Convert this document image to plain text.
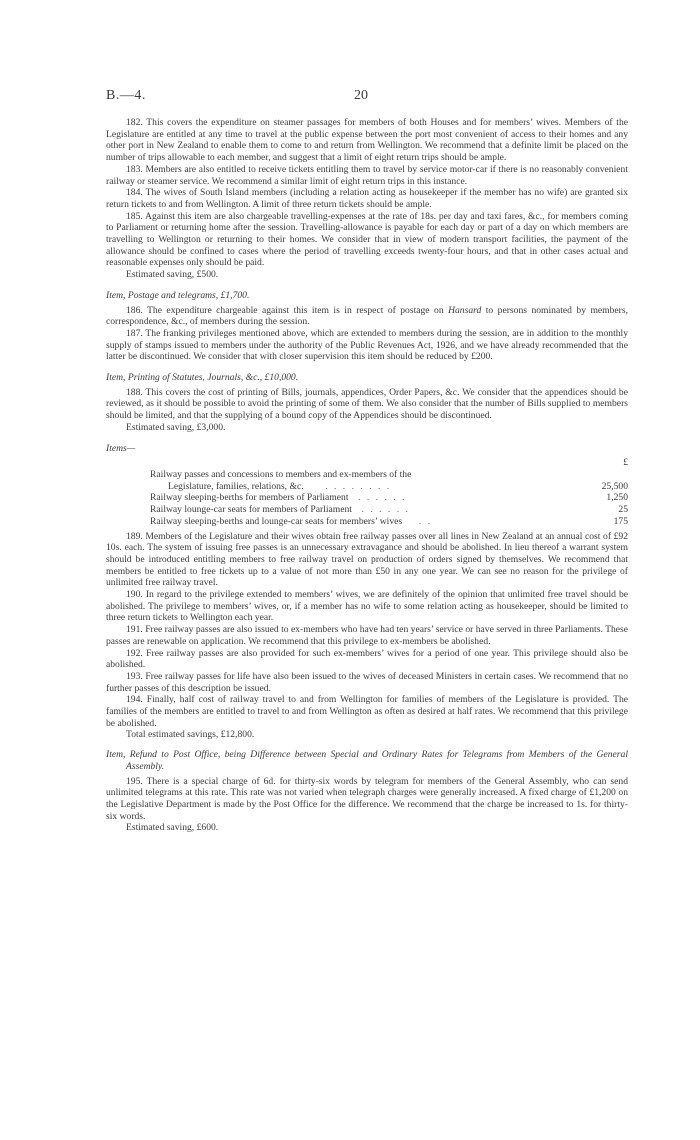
B.—4.	20

182. This covers the expenditure on steamer passages for members of both Houses and for members’ wives. Members of the Legislature are entitled at any time to travel at the public expense between the port most convenient of access to their homes and any other port in New Zealand to enable them to come to and return from Wellington. We recommend that a definite limit be placed on the number of trips allowable to each member, and suggest that a limit of eight return trips should be ample.

183. Members are also entitled to receive tickets entitling them to travel by service motor-car if there is no reasonably convenient railway or steamer service. We recommend a similar limit of eight return trips in this instance.

184. The wives of South Island members (including a relation acting as housekeeper if the member has no wife) are granted six return tickets to and from Wellington. A limit of three return tickets should be ample.

185. Against this item are also chargeable travelling-expenses at the rate of 18s. per day and taxi fares, &c., for members coming to Parliament or returning home after the session. Travelling-allowance is payable for each day or part of a day on which members are travelling to Wellington or returning to their homes. We consider that in view of modern transport facilities, the payment of the allowance should be confined to cases where the period of travelling exceeds twenty-four hours, and that in other cases actual and reasonable expenses only should be paid.

Estimated saving, £500.

Item, Postage and telegrams, £1,700.

186. The expenditure chargeable against this item is in respect of postage on Hansard to persons nominated by members, correspondence, &c., of members during the session.

187. The franking privileges mentioned above, which are extended to members during the session, are in addition to the monthly supply of stamps issued to members under the authority of the Public Revenues Act, 1926, and we have already recommended that the latter be discontinued. We consider that with closer supervision this item should be reduced by £200.

Item, Printing of Statutes, Journals, &c., £10,000.

188. This covers the cost of printing of Bills, journals, appendices, Order Papers, &c. We consider that the appendices should be reviewed, as it should be possible to avoid the printing of some of them. We also consider that the number of Bills supplied to members should be limited, and that the supplying of a bound copy of the Appendices should be discontinued.

Estimated saving, £3,000.

Items—

	£
Railway passes and concessions to members and ex-members of the	
Legislature, families, relations, &c. . . . . . . . .	25,500
Railway sleeping-berths for members of Parliament . . . . . .	1,250
Railway lounge-car seats for members of Parliament . . . . . .	25
Railway sleeping-berths and lounge-car seats for members’ wives . .	175

189. Members of the Legislature and their wives obtain free railway passes over all lines in New Zealand at an annual cost of £92 10s. each. The system of issuing free passes is an unnecessary extravagance and should be abolished. In lieu thereof a warrant system should be introduced entitling members to free railway travel on production of orders signed by themselves. We recommend that members be entitled to free tickets up to a value of not more than £50 in any one year. We can see no reason for the privilege of unlimited free railway travel.

190. In regard to the privilege extended to members’ wives, we are definitely of the opinion that unlimited free travel should be abolished. The privilege to members’ wives, or, if a member has no wife to some relation acting as housekeeper, should be limited to three return tickets to Wellington each year.

191. Free railway passes are also issued to ex-members who have had ten years’ service or have served in three Parliaments. These passes are renewable on application. We recommend that this privilege to ex-members be abolished.

192. Free railway passes are also provided for such ex-members’ wives for a period of one year. This privilege should also be abolished.

193. Free railway passes for life have also been issued to the wives of deceased Ministers in certain cases. We recommend that no further passes of this description be issued.

194. Finally, half cost of railway travel to and from Wellington for families of members of the Legislature is provided. The families of the members are entitled to travel to and from Wellington as often as desired at half rates. We recommend that this privilege be abolished.

Total estimated savings, £12,800.

Item, Refund to Post Office, being Difference between Special and Ordinary Rates for Telegrams from Members of the General Assembly.

195. There is a special charge of 6d. for thirty-six words by telegram for members of the General Assembly, who can send unlimited telegrams at this rate. This rate was not varied when telegraph charges were generally increased. A fixed charge of £1,200 on the Legislative Department is made by the Post Office for the difference. We recommend that the charge be increased to 1s. for thirty-six words.

Estimated saving, £600.
